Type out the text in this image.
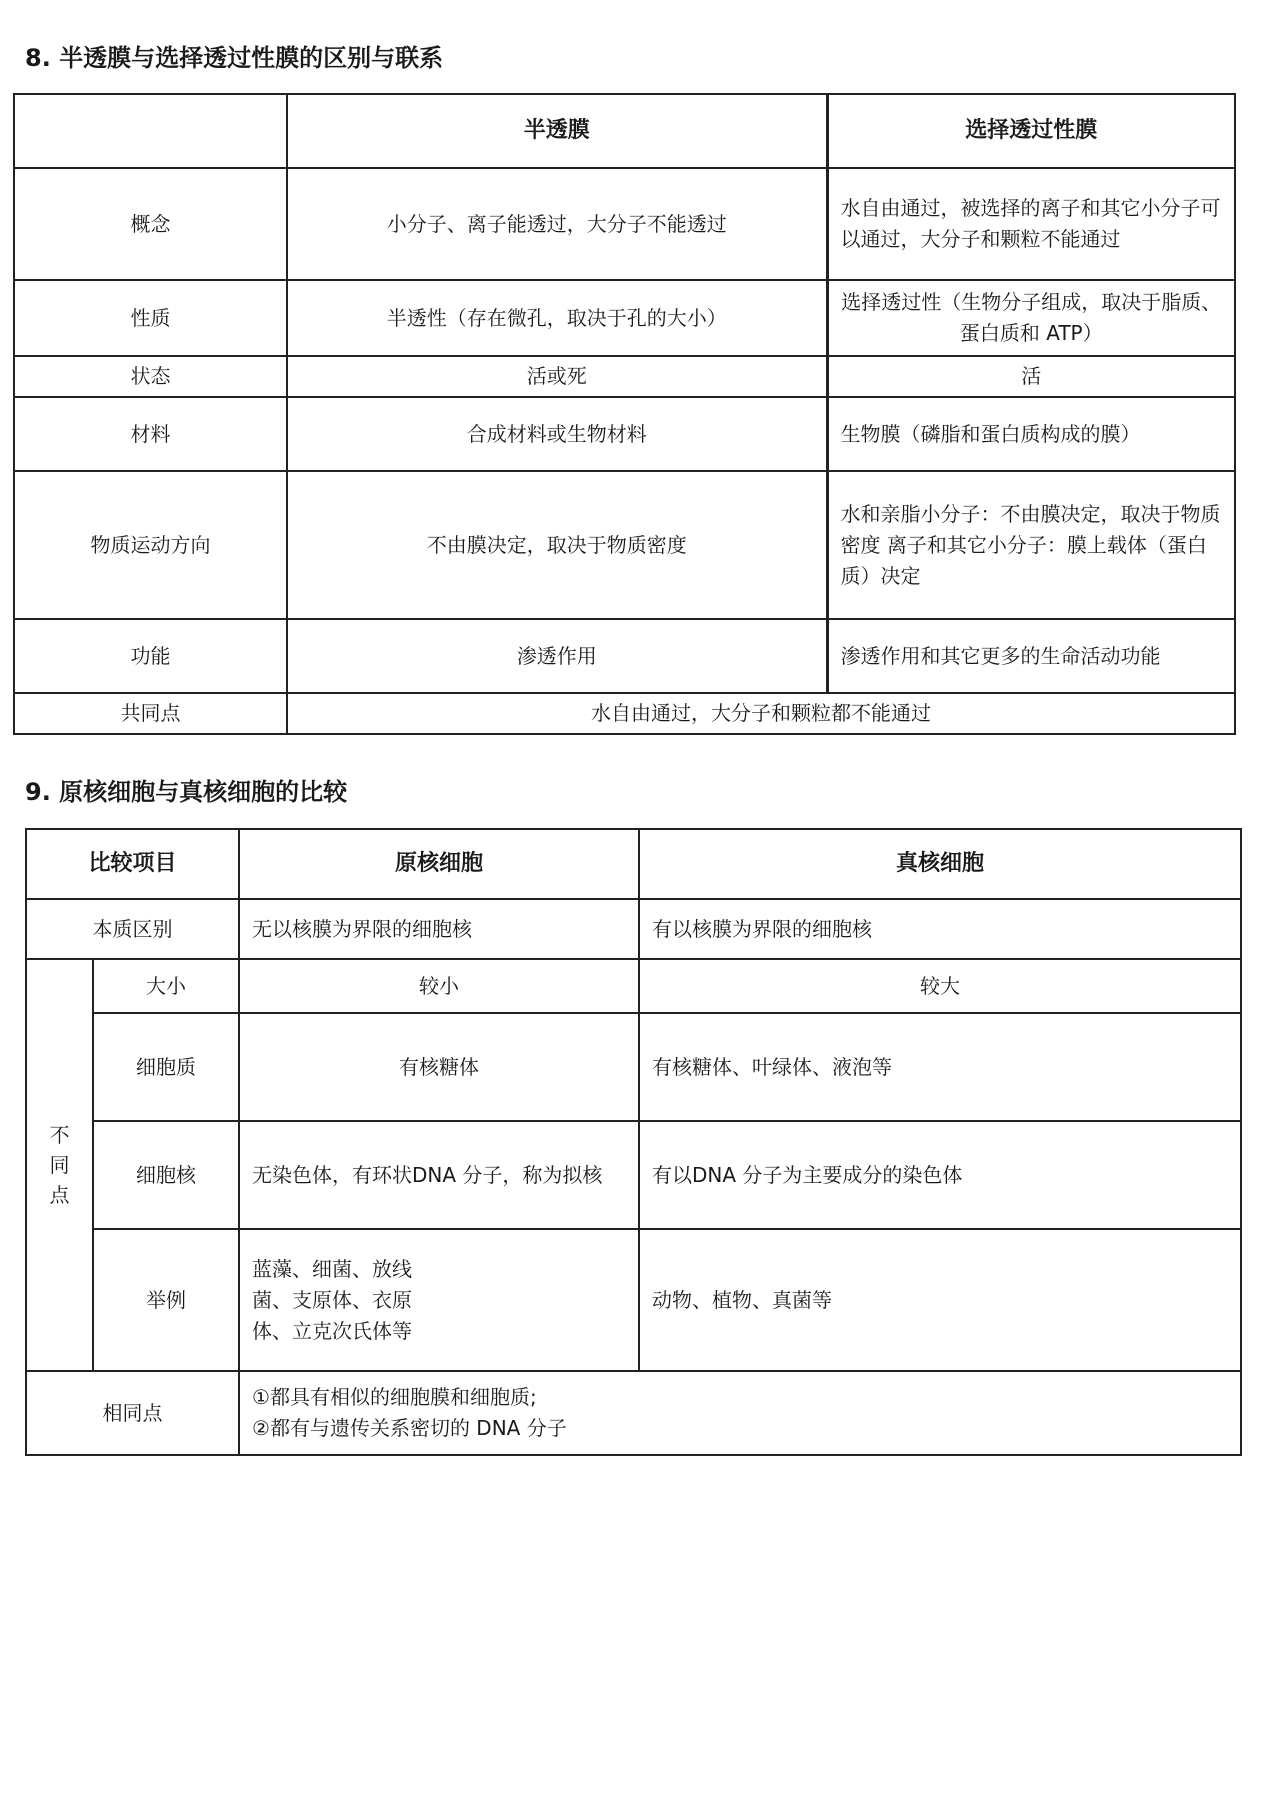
8. 半透膜与选择透过性膜的区别与联系
	半透膜	选择透过性膜
概念	小分子、离子能透过，大分子不能透过	水自由通过，被选择的离子和其它小分子可以通过，大分子和颗粒不能通过
性质	半透性（存在微孔，取决于孔的大小）	选择透过性（生物分子组成，取决于脂质、蛋白质和 ATP）
状态	活或死	活
材料	合成材料或生物材料	生物膜（磷脂和蛋白质构成的膜）
物质运动方向	不由膜决定，取决于物质密度	水和亲脂小分子：不由膜决定，取决于物质密度 离子和其它小分子：膜上载体（蛋白质）决定
功能	渗透作用	渗透作用和其它更多的生命活动功能
共同点	水自由通过，大分子和颗粒都不能通过	
9. 原核细胞与真核细胞的比较
比较项目		原核细胞	真核细胞
本质区别		无以核膜为界限的细胞核	有以核膜为界限的细胞核

不同点	大小	较小	较大
	细胞质	有核糖体	有核糖体、叶绿体、液泡等
	细胞核	无染色体，有环状DNA 分子，称为拟核	有以DNA 分子为主要成分的染色体
	举例	蓝藻、细菌、放线
菌、支原体、衣原
体、立克次氏体等	动物、植物、真菌等
相同点		①都具有相似的细胞膜和细胞质;
②都有与遗传关系密切的 DNA 分子	
